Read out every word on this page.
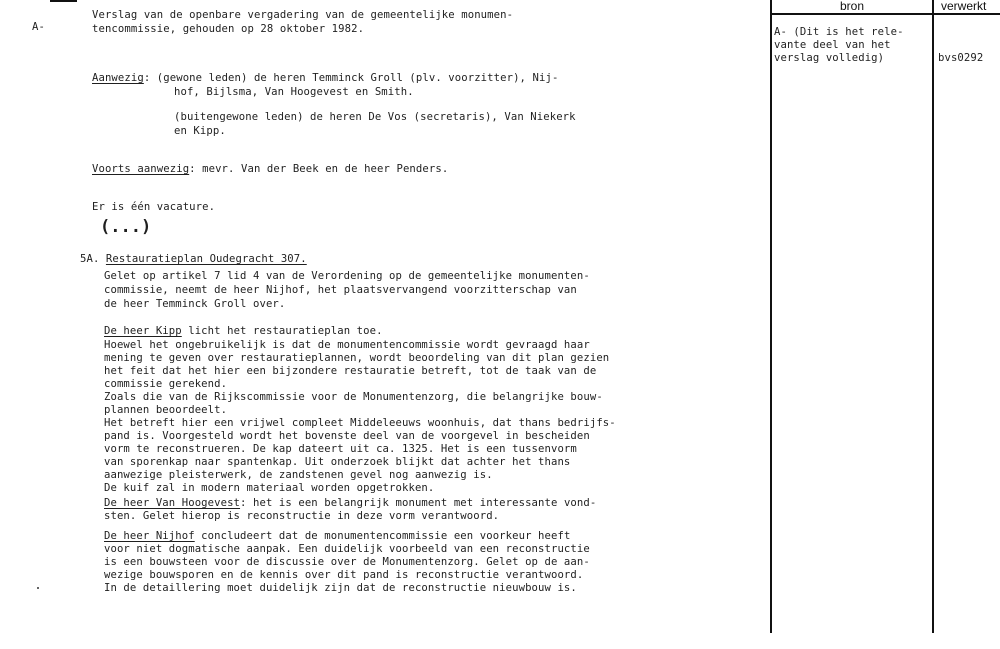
A-
Verslag van de openbare vergadering van de gemeentelijke monumen-
tencommissie, gehouden op 28 oktober 1982.
Aanwezig: (gewone leden) de heren Temminck Groll (plv. voorzitter), Nij-
hof, Bijlsma, Van Hoogevest en Smith.
(buitengewone leden) de heren De Vos (secretaris), Van Niekerk
en Kipp.
Voorts aanwezig: mevr. Van der Beek en de heer Penders.
Er is één vacature.
(...)
5A. Restauratieplan Oudegracht 307.
Gelet op artikel 7 lid 4 van de Verordening op de gemeentelijke monumenten-
commissie, neemt de heer Nijhof, het plaatsvervangend voorzitterschap van
de heer Temminck Groll over.
De heer Kipp licht het restauratieplan toe.
Hoewel het ongebruikelijk is dat de monumentencommissie wordt gevraagd haar
mening te geven over restauratieplannen, wordt beoordeling van dit plan gezien
het feit dat het hier een bijzondere restauratie betreft, tot de taak van de
commissie gerekend.
Zoals die van de Rijkscommissie voor de Monumentenzorg, die belangrijke bouw-
plannen beoordeelt.
Het betreft hier een vrijwel compleet Middeleeuws woonhuis, dat thans bedrijfs-
pand is. Voorgesteld wordt het bovenste deel van de voorgevel in bescheiden
vorm te reconstrueren. De kap dateert uit ca. 1325. Het is een tussenvorm
van sporenkap naar spantenkap. Uit onderzoek blijkt dat achter het thans
aanwezige pleisterwerk, de zandstenen gevel nog aanwezig is.
De kuif zal in modern materiaal worden opgetrokken.
De heer Van Hoogevest: het is een belangrijk monument met interessante vond-
sten. Gelet hierop is reconstructie in deze vorm verantwoord.
De heer Nijhof concludeert dat de monumentencommissie een voorkeur heeft
voor niet dogmatische aanpak. Een duidelijk voorbeeld van een reconstructie
is een bouwsteen voor de discussie over de Monumentenzorg. Gelet op de aan-
wezige bouwsporen en de kennis over dit pand is reconstructie verantwoord.
In de detaillering moet duidelijk zijn dat de reconstructie nieuwbouw is.
bron	verwerkt
A- (Dit is het rele-
vante deel van het
verslag volledig)	bvs0292
